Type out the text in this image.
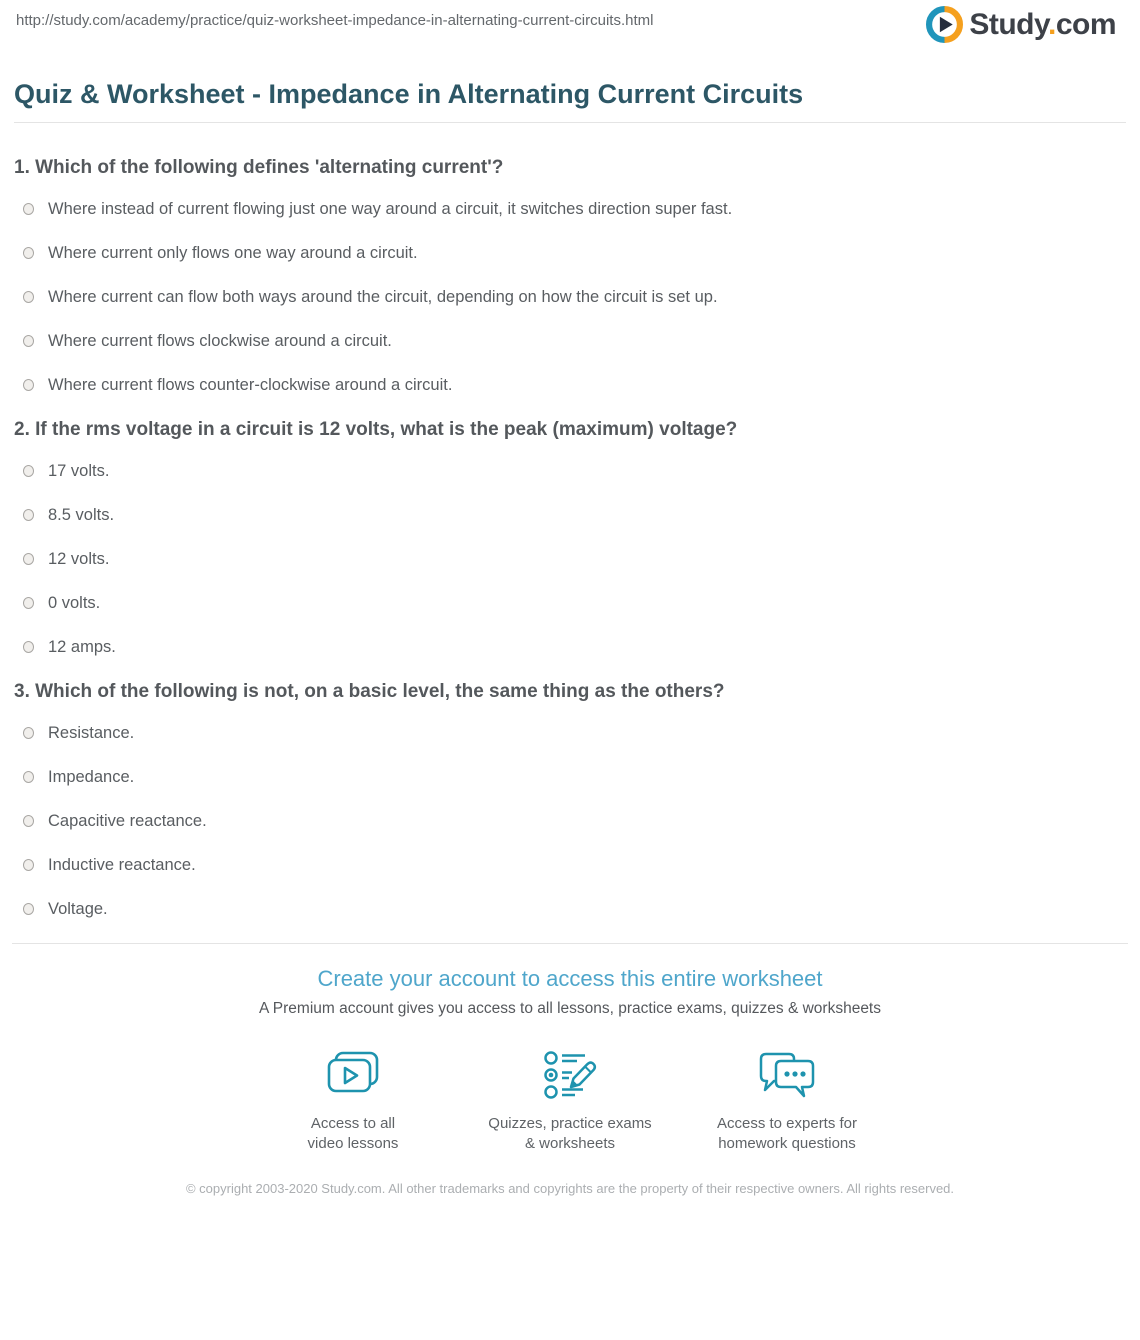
http://study.com/academy/practice/quiz-worksheet-impedance-in-alternating-current-circuits.html	Study.com
Quiz & Worksheet - Impedance in Alternating Current Circuits
1. Which of the following defines 'alternating current'?
Where instead of current flowing just one way around a circuit, it switches direction super fast.
Where current only flows one way around a circuit.
Where current can flow both ways around the circuit, depending on how the circuit is set up.
Where current flows clockwise around a circuit.
Where current flows counter-clockwise around a circuit.
2. If the rms voltage in a circuit is 12 volts, what is the peak (maximum) voltage?
17 volts.
8.5 volts.
12 volts.
0 volts.
12 amps.
3. Which of the following is not, on a basic level, the same thing as the others?
Resistance.
Impedance.
Capacitive reactance.
Inductive reactance.
Voltage.
Create your account to access this entire worksheet
A Premium account gives you access to all lessons, practice exams, quizzes & worksheets
Access to all
video lessons
Quizzes, practice exams
& worksheets
Access to experts for
homework questions
© copyright 2003-2020 Study.com. All other trademarks and copyrights are the property of their respective owners. All rights reserved.
